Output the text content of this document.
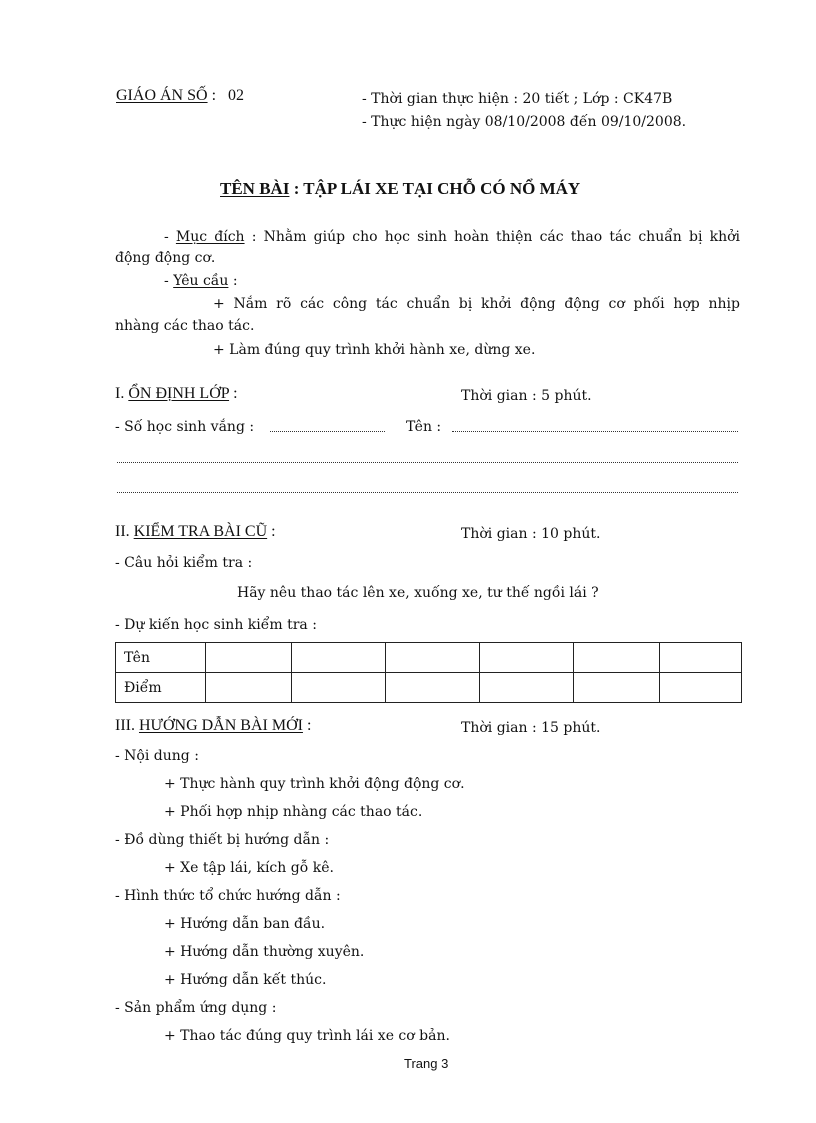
GIÁO ÁN SỐ : 02	- Thời gian thực hiện : 20 tiết ; Lớp : CK47B
- Thực hiện ngày 08/10/2008 đến 09/10/2008.
TÊN BÀI : TẬP LÁI XE TẠI CHỖ CÓ NỔ MÁY
- Mục đích : Nhằm giúp cho học sinh hoàn thiện các thao tác chuẩn bị khởi
động động cơ.
- Yêu cầu :
+ Nắm rõ các công tác chuẩn bị khởi động động cơ phối hợp nhịp
nhàng các thao tác.
+ Làm đúng quy trình khởi hành xe, dừng xe.
I. ỔN ĐỊNH LỚP :	Thời gian : 5 phút.
- Số học sinh vắng :	Tên :
II. KIỂM TRA BÀI CŨ :	Thời gian : 10 phút.
- Câu hỏi kiểm tra :
Hãy nêu thao tác lên xe, xuống xe, tư thế ngồi lái ?
- Dự kiến học sinh kiểm tra :
Tên						
Điểm						
III. HƯỚNG DẪN BÀI MỚI :	Thời gian : 15 phút.
- Nội dung :
+ Thực hành quy trình khởi động động cơ.
+ Phối hợp nhịp nhàng các thao tác.
- Đồ dùng thiết bị hướng dẫn :
+ Xe tập lái, kích gỗ kê.
- Hình thức tổ chức hướng dẫn :
+ Hướng dẫn ban đầu.
+ Hướng dẫn thường xuyên.
+ Hướng dẫn kết thúc.
- Sản phẩm ứng dụng :
+ Thao tác đúng quy trình lái xe cơ bản.
Trang 3
